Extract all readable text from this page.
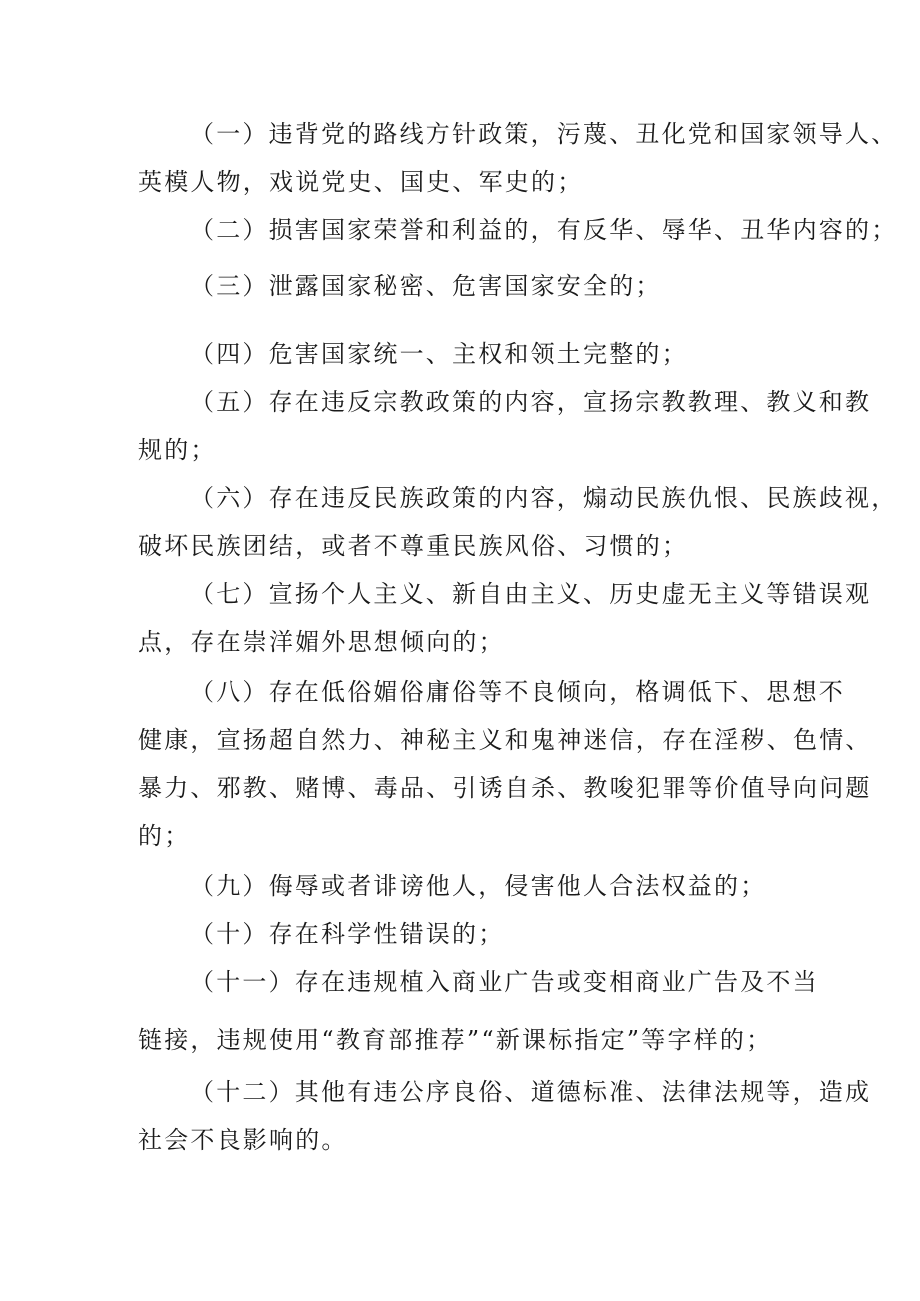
（一）违背党的路线方针政策，污蔑、丑化党和国家领导人、
英模人物，戏说党史、国史、军史的；
（二）损害国家荣誉和利益的，有反华、辱华、丑华内容的；
（三）泄露国家秘密、危害国家安全的；
（四）危害国家统一、主权和领土完整的；
（五）存在违反宗教政策的内容，宣扬宗教教理、教义和教
规的；
（六）存在违反民族政策的内容，煽动民族仇恨、民族歧视，
破坏民族团结，或者不尊重民族风俗、习惯的；
（七）宣扬个人主义、新自由主义、历史虚无主义等错误观
点，存在崇洋媚外思想倾向的；
（八）存在低俗媚俗庸俗等不良倾向，格调低下、思想不
健康，宣扬超自然力、神秘主义和鬼神迷信，存在淫秽、色情、
暴力、邪教、赌博、毒品、引诱自杀、教唆犯罪等价值导向问题
的；
（九）侮辱或者诽谤他人，侵害他人合法权益的；
（十）存在科学性错误的；
（十一）存在违规植入商业广告或变相商业广告及不当
链接，违规使用“教育部推荐”“新课标指定”等字样的；
（十二）其他有违公序良俗、道德标准、法律法规等，造成
社会不良影响的。
